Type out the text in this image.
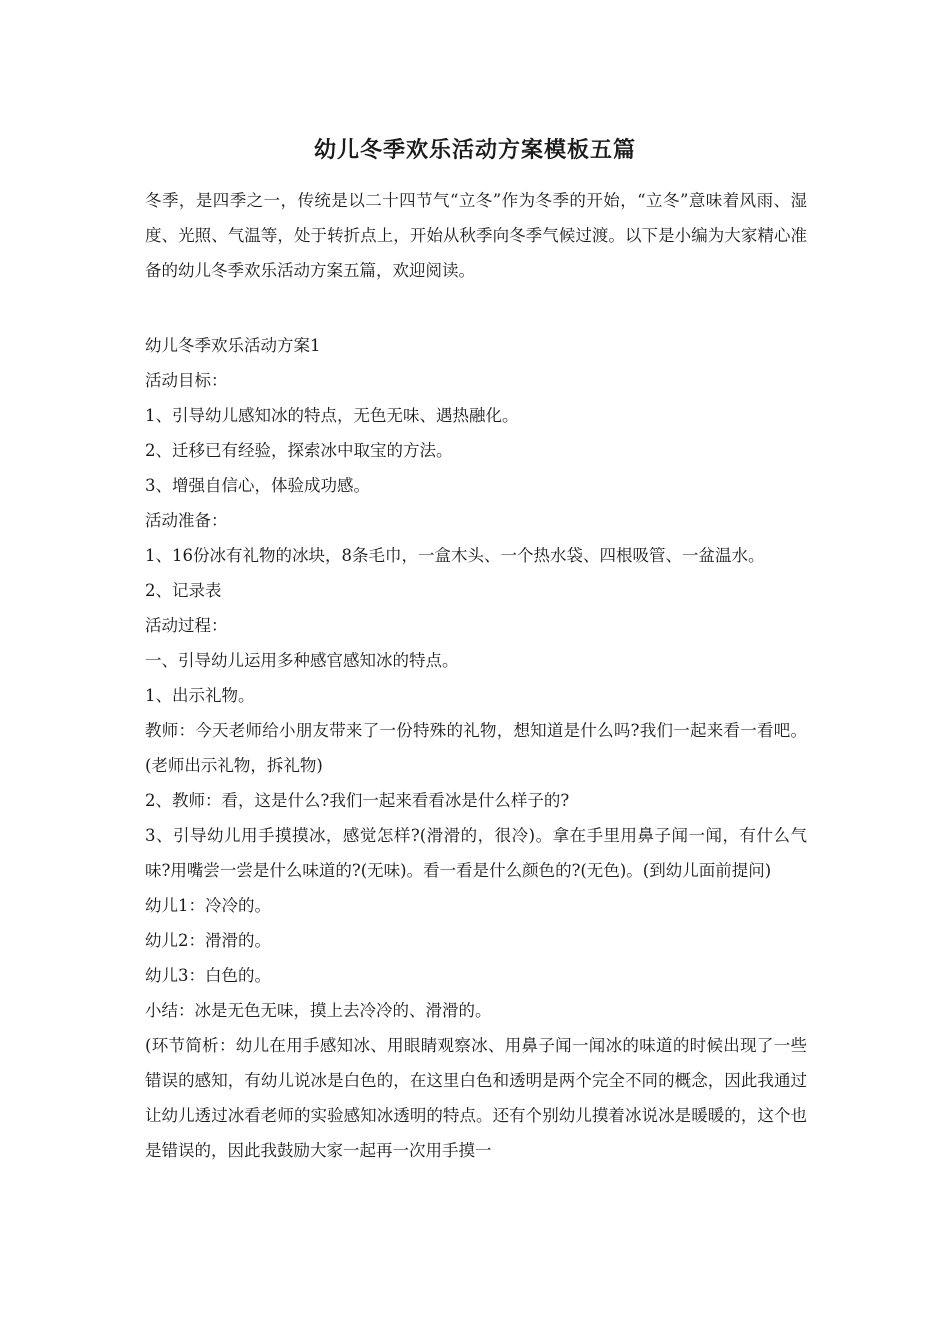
幼儿冬季欢乐活动方案模板五篇

冬季，是四季之一，传统是以二十四节气“立冬”作为冬季的开始，“立冬”意味着风雨、湿度、光照、气温等，处于转折点上，开始从秋季向冬季气候过渡。以下是小编为大家精心准备的幼儿冬季欢乐活动方案五篇，欢迎阅读。

幼儿冬季欢乐活动方案1

活动目标：

1、引导幼儿感知冰的特点，无色无味、遇热融化。

2、迁移已有经验，探索冰中取宝的方法。

3、增强自信心，体验成功感。

活动准备：

1、16份冰有礼物的冰块，8条毛巾，一盒木头、一个热水袋、四根吸管、一盆温水。

2、记录表

活动过程：

一、引导幼儿运用多种感官感知冰的特点。

1、出示礼物。

教师：今天老师给小朋友带来了一份特殊的礼物，想知道是什么吗?我们一起来看一看吧。(老师出示礼物，拆礼物)

2、教师：看，这是什么?我们一起来看看冰是什么样子的?

3、引导幼儿用手摸摸冰，感觉怎样?(滑滑的，很冷)。拿在手里用鼻子闻一闻，有什么气味?用嘴尝一尝是什么味道的?(无味)。看一看是什么颜色的?(无色)。(到幼儿面前提问)

幼儿1：冷冷的。

幼儿2：滑滑的。

幼儿3：白色的。

小结：冰是无色无味，摸上去冷冷的、滑滑的。

(环节简析：幼儿在用手感知冰、用眼睛观察冰、用鼻子闻一闻冰的味道的时候出现了一些错误的感知，有幼儿说冰是白色的，在这里白色和透明是两个完全不同的概念，因此我通过让幼儿透过冰看老师的实验感知冰透明的特点。还有个别幼儿摸着冰说冰是暖暖的，这个也是错误的，因此我鼓励大家一起再一次用手摸一
